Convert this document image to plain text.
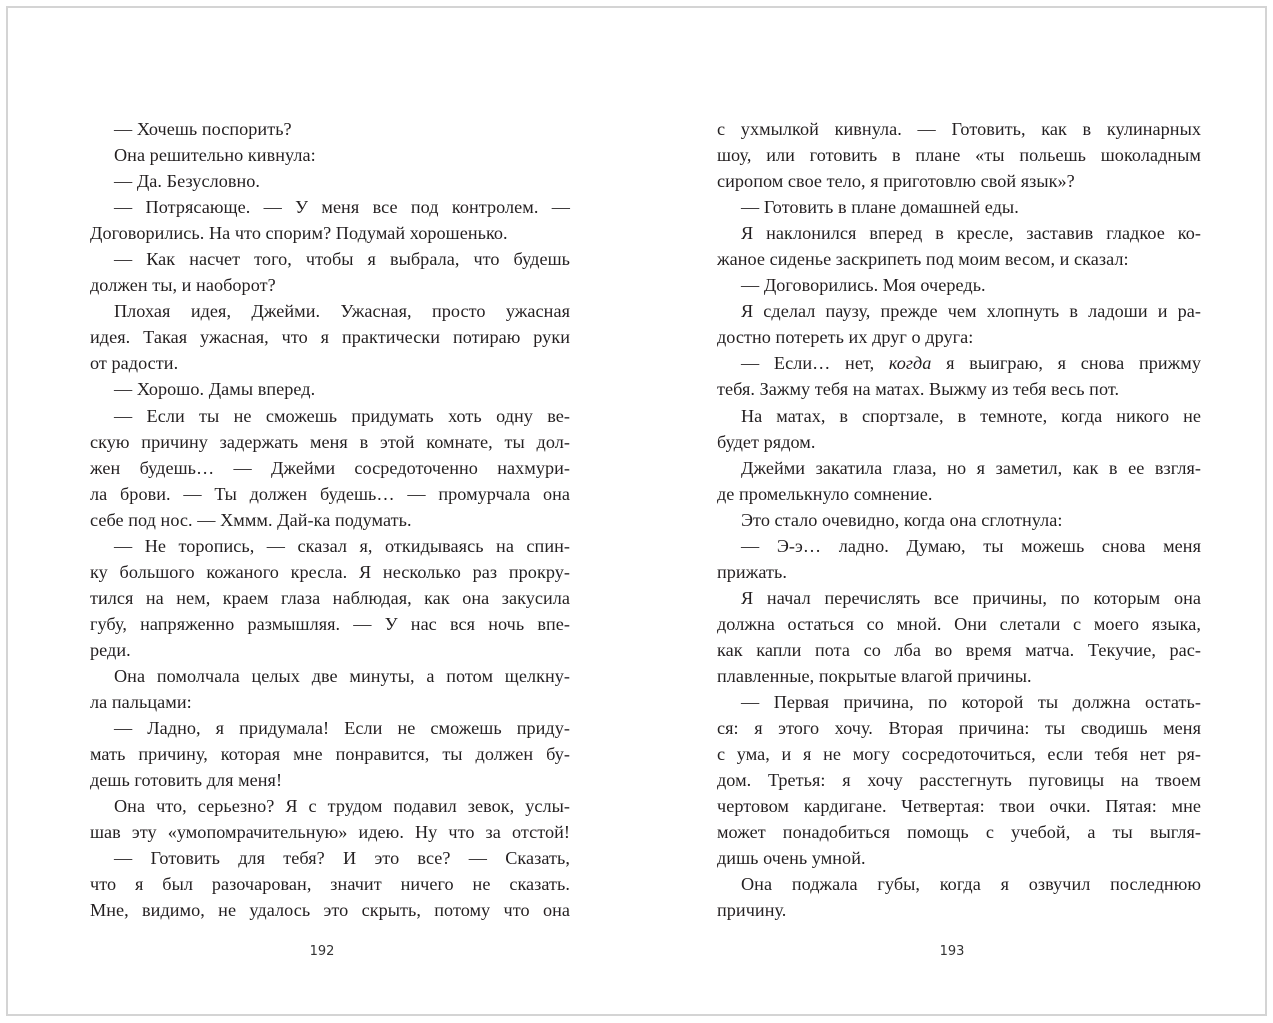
— Хочешь поспорить?
Она решительно кивнула:
— Да. Безусловно.
— Потрясающе. — У меня все под контролем. —
Договорились. На что спорим? Подумай хорошенько.
— Как насчет того, чтобы я выбрала, что будешь
должен ты, и наоборот?
Плохая идея, Джейми. Ужасная, просто ужасная
идея. Такая ужасная, что я практически потираю руки
от радости.
— Хорошо. Дамы вперед.
— Если ты не сможешь придумать хоть одну ве-
скую причину задержать меня в этой комнате, ты дол-
жен будешь… — Джейми сосредоточенно нахмури-
ла брови. — Ты должен будешь… — промурчала она
себе под нос. — Хммм. Дай-ка подумать.
— Не торопись, — сказал я, откидываясь на спин-
ку большого кожаного кресла. Я несколько раз прокру-
тился на нем, краем глаза наблюдая, как она закусила
губу, напряженно размышляя. — У нас вся ночь впе-
реди.
Она помолчала целых две минуты, а потом щелкну-
ла пальцами:
— Ладно, я придумала! Если не сможешь приду-
мать причину, которая мне понравится, ты должен бу-
дешь готовить для меня!
Она что, серьезно? Я с трудом подавил зевок, услы-
шав эту «умопомрачительную» идею. Ну что за отстой!
— Готовить для тебя? И это все? — Сказать,
что я был разочарован, значит ничего не сказать.
Мне, видимо, не удалось это скрыть, потому что она
с ухмылкой кивнула. — Готовить, как в кулинарных
шоу, или готовить в плане «ты польешь шоколадным
сиропом свое тело, я приготовлю свой язык»?
— Готовить в плане домашней еды.
Я наклонился вперед в кресле, заставив гладкое ко-
жаное сиденье заскрипеть под моим весом, и сказал:
— Договорились. Моя очередь.
Я сделал паузу, прежде чем хлопнуть в ладоши и ра-
достно потереть их друг о друга:
— Если… нет, когда я выиграю, я снова прижму
тебя. Зажму тебя на матах. Выжму из тебя весь пот.
На матах, в спортзале, в темноте, когда никого не
будет рядом.
Джейми закатила глаза, но я заметил, как в ее взгля-
де промелькнуло сомнение.
Это стало очевидно, когда она сглотнула:
— Э-э… ладно. Думаю, ты можешь снова меня
прижать.
Я начал перечислять все причины, по которым она
должна остаться со мной. Они слетали с моего языка,
как капли пота со лба во время матча. Текучие, рас-
плавленные, покрытые влагой причины.
— Первая причина, по которой ты должна остать-
ся: я этого хочу. Вторая причина: ты сводишь меня
с ума, и я не могу сосредоточиться, если тебя нет ря-
дом. Третья: я хочу расстегнуть пуговицы на твоем
чертовом кардигане. Четвертая: твои очки. Пятая: мне
может понадобиться помощь с учебой, а ты выгля-
дишь очень умной.
Она поджала губы, когда я озвучил последнюю
причину.
192	193
